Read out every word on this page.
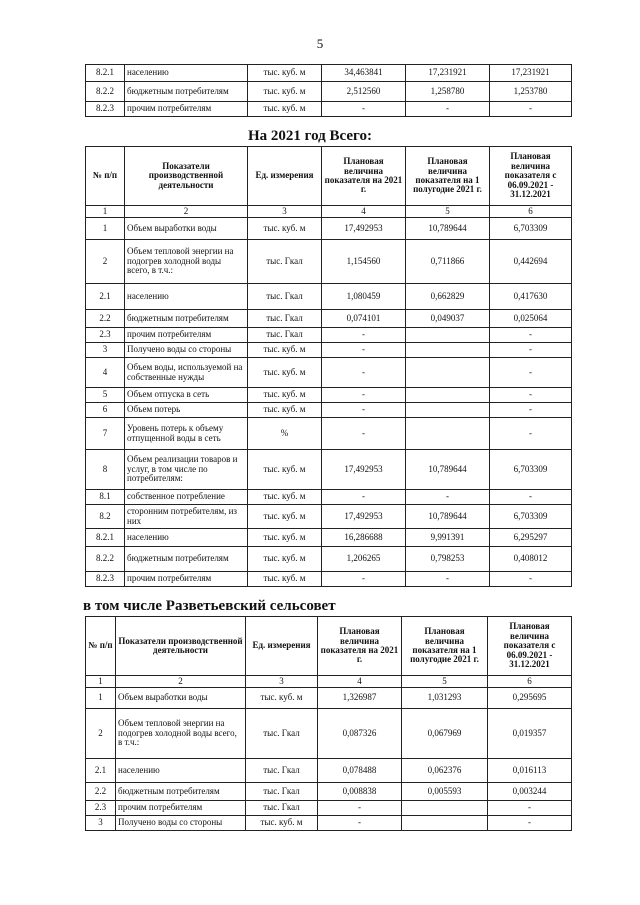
5
8.2.1	населению	тыс. куб. м	34,463841	17,231921	17,231921
8.2.2	бюджетным потребителям	тыс. куб. м	2,512560	1,258780	1,253780
8.2.3	прочим потребителям	тыс. куб. м	-	-	-
На 2021 год Всего:
№ п/п	Показатели производственной деятельности	Ед. измерения	Плановая величина показателя на 2021 г.	Плановая величина показателя на 1 полугодие 2021 г.	Плановая величина показателя с 06.09.2021 - 31.12.2021
1	2	3	4	5	6
1	Объем выработки воды	тыс. куб. м	17,492953	10,789644	6,703309
2	Объем тепловой энергии на подогрев холодной воды всего, в т.ч.:	тыс. Гкал	1,154560	0,711866	0,442694
2.1	населению	тыс. Гкал	1,080459	0,662829	0,417630
2.2	бюджетным потребителям	тыс. Гкал	0,074101	0,049037	0,025064
2.3	прочим потребителям	тыс. Гкал	-		-
3	Получено воды со стороны	тыс. куб. м	-		-
4	Объем воды, используемой на собственные нужды	тыс. куб. м	-		-
5	Объем отпуска в сеть	тыс. куб. м	-		-
6	Объем потерь	тыс. куб. м	-		-
7	Уровень потерь к объему отпущенной воды в сеть	%	-		-
8	Объем реализации товаров и услуг, в том числе по потребителям:	тыс. куб. м	17,492953	10,789644	6,703309
8.1	собственное потребление	тыс. куб. м	-	-	-
8.2	сторонним потребителям, из них	тыс. куб. м	17,492953	10,789644	6,703309
8.2.1	населению	тыс. куб. м	16,286688	9,991391	6,295297
8.2.2	бюджетным потребителям	тыс. куб. м	1,206265	0,798253	0,408012
8.2.3	прочим потребителям	тыс. куб. м	-	-	-
в том числе Разветьевский сельсовет
№ п/п	Показатели производственной деятельности	Ед. измерения	Плановая величина показателя на 2021 г.	Плановая величина показателя на 1 полугодие 2021 г.	Плановая величина показателя с 06.09.2021 - 31.12.2021
1	2	3	4	5	6
1	Объем выработки воды	тыс. куб. м	1,326987	1,031293	0,295695
2	Объем тепловой энергии на подогрев холодной воды всего, в т.ч.:	тыс. Гкал	0,087326	0,067969	0,019357
2.1	населению	тыс. Гкал	0,078488	0,062376	0,016113
2.2	бюджетным потребителям	тыс. Гкал	0,008838	0,005593	0,003244
2.3	прочим потребителям	тыс. Гкал	-		-
3	Получено воды со стороны	тыс. куб. м	-		-
